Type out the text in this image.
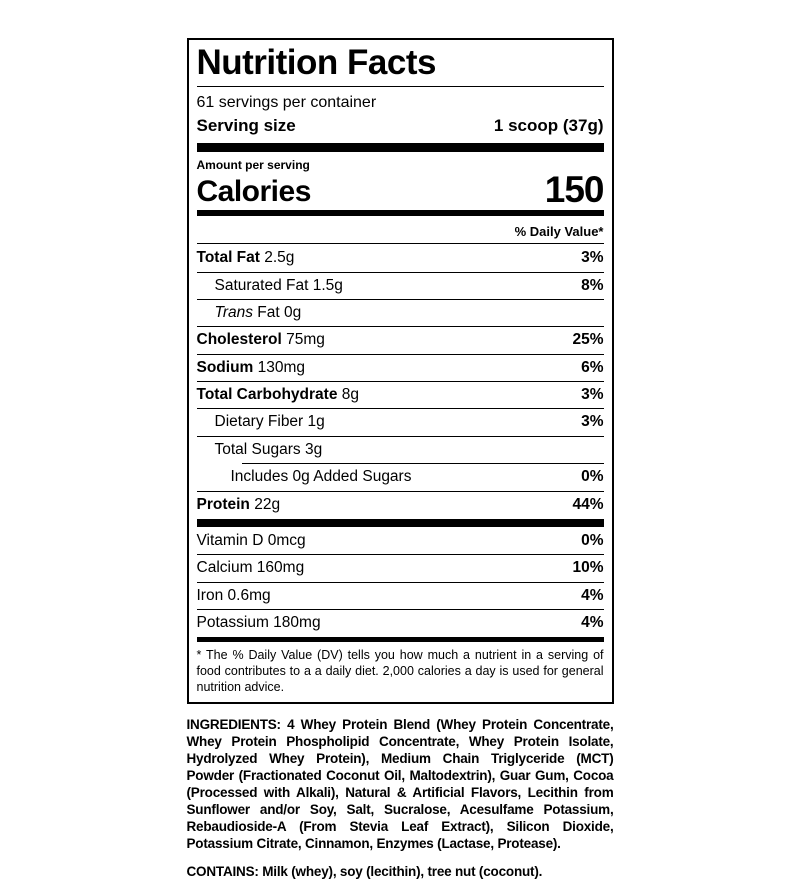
Nutrition Facts
61 servings per container
Serving size	1 scoop (37g)
Amount per serving
Calories	150
% Daily Value*
Total Fat 2.5g	3%
Saturated Fat 1.5g	8%
Trans Fat 0g
Cholesterol 75mg	25%
Sodium 130mg	6%
Total Carbohydrate 8g	3%
Dietary Fiber 1g	3%
Total Sugars 3g
Includes 0g Added Sugars	0%
Protein 22g	44%
Vitamin D 0mcg	0%
Calcium 160mg	10%
Iron 0.6mg	4%
Potassium 180mg	4%
* The % Daily Value (DV) tells you how much a nutrient in a serving of food contributes to a a daily diet. 2,000 calories a day is used for general nutrition advice.

INGREDIENTS: 4 Whey Protein Blend (Whey Protein Concentrate, Whey Protein Phospholipid Concentrate, Whey Protein Isolate, Hydrolyzed Whey Protein), Medium Chain Triglyceride (MCT) Powder (Fractionated Coconut Oil, Maltodextrin), Guar Gum, Cocoa (Processed with Alkali), Natural & Artificial Flavors, Lecithin from Sunflower and/or Soy, Salt, Sucralose, Acesulfame Potassium, Rebaudioside-A (From Stevia Leaf Extract), Silicon Dioxide, Potassium Citrate, Cinnamon, Enzymes (Lactase, Protease).

CONTAINS: Milk (whey), soy (lecithin), tree nut (coconut).
